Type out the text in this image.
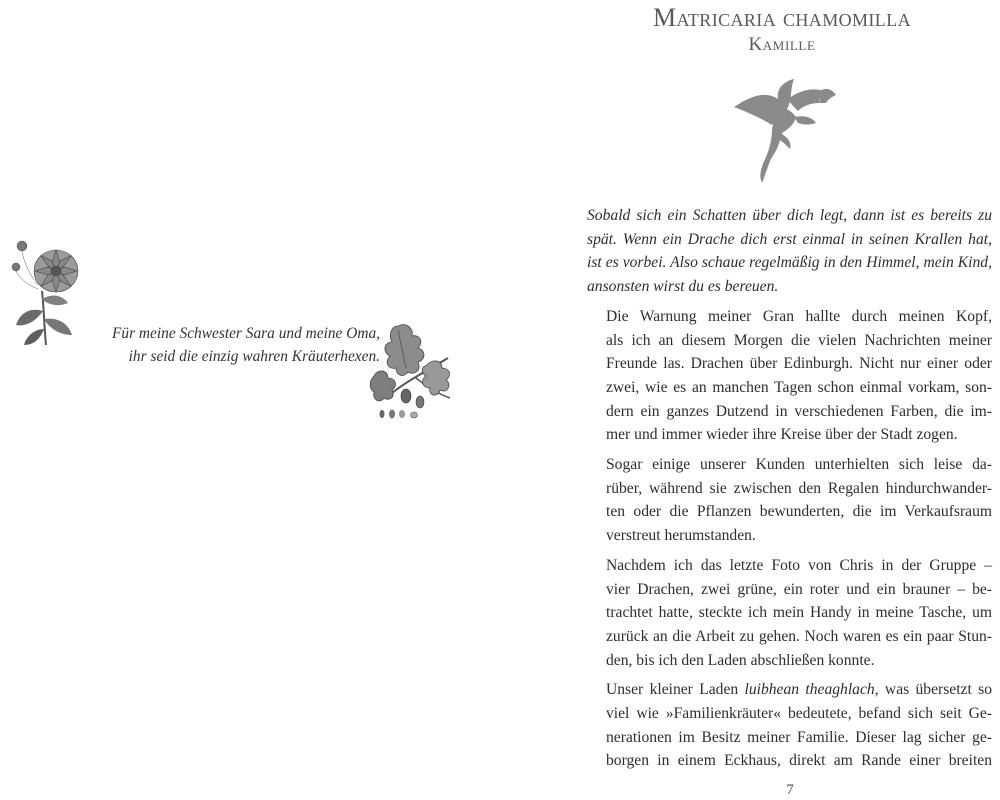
Für meine Schwester Sara und meine Oma,
ihr seid die einzig wahren Kräuterhexen.
Matricaria chamomilla
Kamille

Sobald sich ein Schatten über dich legt, dann ist es bereits zu
spät. Wenn ein Drache dich erst einmal in seinen Krallen hat,
ist es vorbei. Also schaue regelmäßig in den Himmel, mein Kind,
ansonsten wirst du es bereuen.

Die Warnung meiner Gran hallte durch meinen Kopf,
als ich an diesem Morgen die vielen Nachrichten meiner
Freunde las. Drachen über Edinburgh. Nicht nur einer oder
zwei, wie es an manchen Tagen schon einmal vorkam, son-
dern ein ganzes Dutzend in verschiedenen Farben, die im-
mer und immer wieder ihre Kreise über der Stadt zogen.

Sogar einige unserer Kunden unterhielten sich leise da-
rüber, während sie zwischen den Regalen hindurchwander-
ten oder die Pflanzen bewunderten, die im Verkaufsraum
verstreut herumstanden.

Nachdem ich das letzte Foto von Chris in der Gruppe –
vier Drachen, zwei grüne, ein roter und ein brauner – be-
trachtet hatte, steckte ich mein Handy in meine Tasche, um
zurück an die Arbeit zu gehen. Noch waren es ein paar Stun-
den, bis ich den Laden abschließen konnte.

Unser kleiner Laden luibhean theaghlach, was übersetzt so
viel wie »Familienkräuter« bedeutete, befand sich seit Ge-
nerationen im Besitz meiner Familie. Dieser lag sicher ge-
borgen in einem Eckhaus, direkt am Rande einer breiten

7
